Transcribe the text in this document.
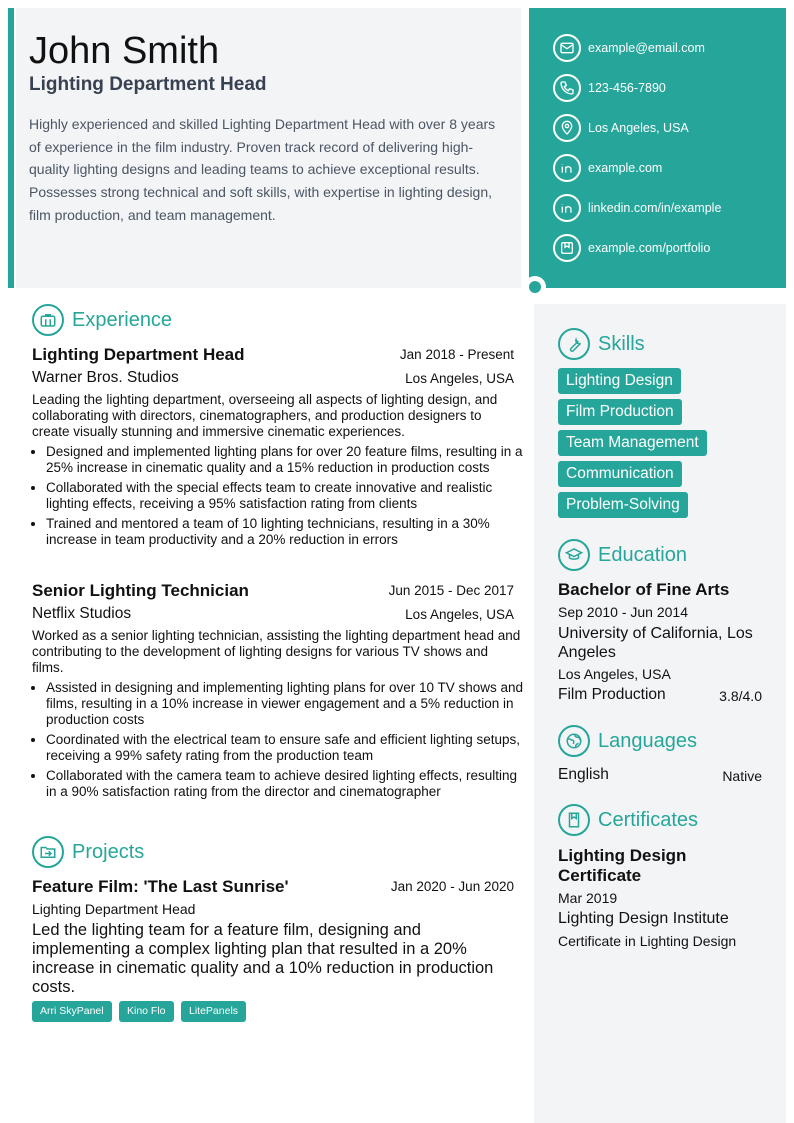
John Smith
Lighting Department Head
Highly experienced and skilled Lighting Department Head with over 8 years of experience in the film industry. Proven track record of delivering high-quality lighting designs and leading teams to achieve exceptional results. Possesses strong technical and soft skills, with expertise in lighting design, film production, and team management.
example@email.com
123-456-7890
Los Angeles, USA
example.com
linkedin.com/in/example
example.com/portfolio
Experience
Lighting Department Head	Jan 2018 - Present
Warner Bros. Studios	Los Angeles, USA
Leading the lighting department, overseeing all aspects of lighting design, and collaborating with directors, cinematographers, and production designers to create visually stunning and immersive cinematic experiences.
• Designed and implemented lighting plans for over 20 feature films, resulting in a 25% increase in cinematic quality and a 15% reduction in production costs
• Collaborated with the special effects team to create innovative and realistic lighting effects, receiving a 95% satisfaction rating from clients
• Trained and mentored a team of 10 lighting technicians, resulting in a 30% increase in team productivity and a 20% reduction in errors
Senior Lighting Technician	Jun 2015 - Dec 2017
Netflix Studios	Los Angeles, USA
Worked as a senior lighting technician, assisting the lighting department head and contributing to the development of lighting designs for various TV shows and films.
• Assisted in designing and implementing lighting plans for over 10 TV shows and films, resulting in a 10% increase in viewer engagement and a 5% reduction in production costs
• Coordinated with the electrical team to ensure safe and efficient lighting setups, receiving a 99% safety rating from the production team
• Collaborated with the camera team to achieve desired lighting effects, resulting in a 90% satisfaction rating from the director and cinematographer
Projects
Feature Film: 'The Last Sunrise'	Jan 2020 - Jun 2020
Lighting Department Head
Led the lighting team for a feature film, designing and implementing a complex lighting plan that resulted in a 20% increase in cinematic quality and a 10% reduction in production costs.
Arri SkyPanel	Kino Flo	LitePanels
Skills
Lighting Design
Film Production
Team Management
Communication
Problem-Solving
Education
Bachelor of Fine Arts
Sep 2010 - Jun 2014
University of California, Los Angeles
Los Angeles, USA
Film Production	3.8/4.0
Languages
English	Native
Certificates
Lighting Design Certificate
Mar 2019
Lighting Design Institute
Certificate in Lighting Design
